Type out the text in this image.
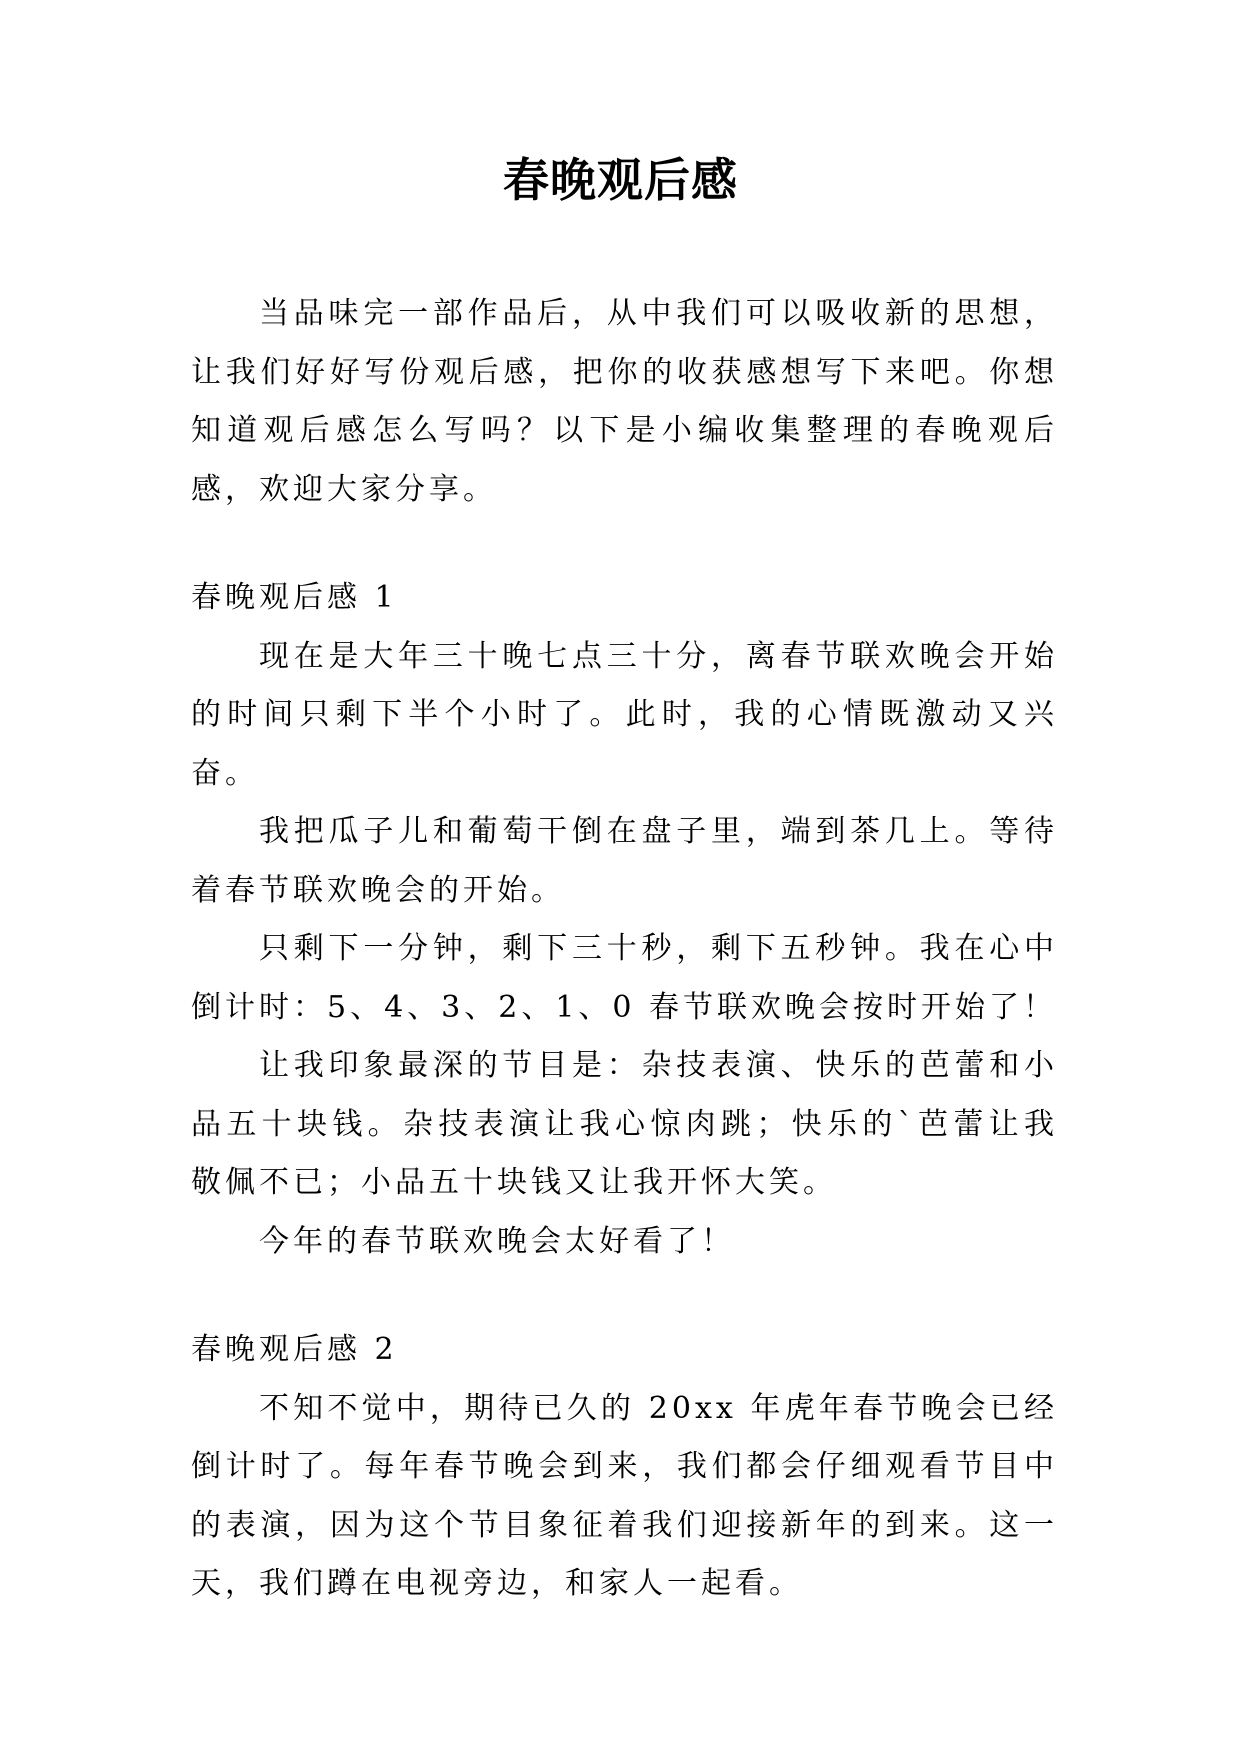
春晚观后感

当品味完一部作品后，从中我们可以吸收新的思想，让我们好好写份观后感，把你的收获感想写下来吧。你想知道观后感怎么写吗？以下是小编收集整理的春晚观后感，欢迎大家分享。

春晚观后感 1

现在是大年三十晚七点三十分，离春节联欢晚会开始的时间只剩下半个小时了。此时，我的心情既激动又兴奋。

我把瓜子儿和葡萄干倒在盘子里，端到茶几上。等待着春节联欢晚会的开始。

只剩下一分钟，剩下三十秒，剩下五秒钟。我在心中倒计时：5、4、3、2、1、0 春节联欢晚会按时开始了！

让我印象最深的节目是：杂技表演、快乐的芭蕾和小品五十块钱。杂技表演让我心惊肉跳；快乐的`芭蕾让我敬佩不已；小品五十块钱又让我开怀大笑。

今年的春节联欢晚会太好看了！

春晚观后感 2

不知不觉中，期待已久的 20xx 年虎年春节晚会已经倒计时了。每年春节晚会到来，我们都会仔细观看节目中的表演，因为这个节目象征着我们迎接新年的到来。这一天，我们蹲在电视旁边，和家人一起看。
